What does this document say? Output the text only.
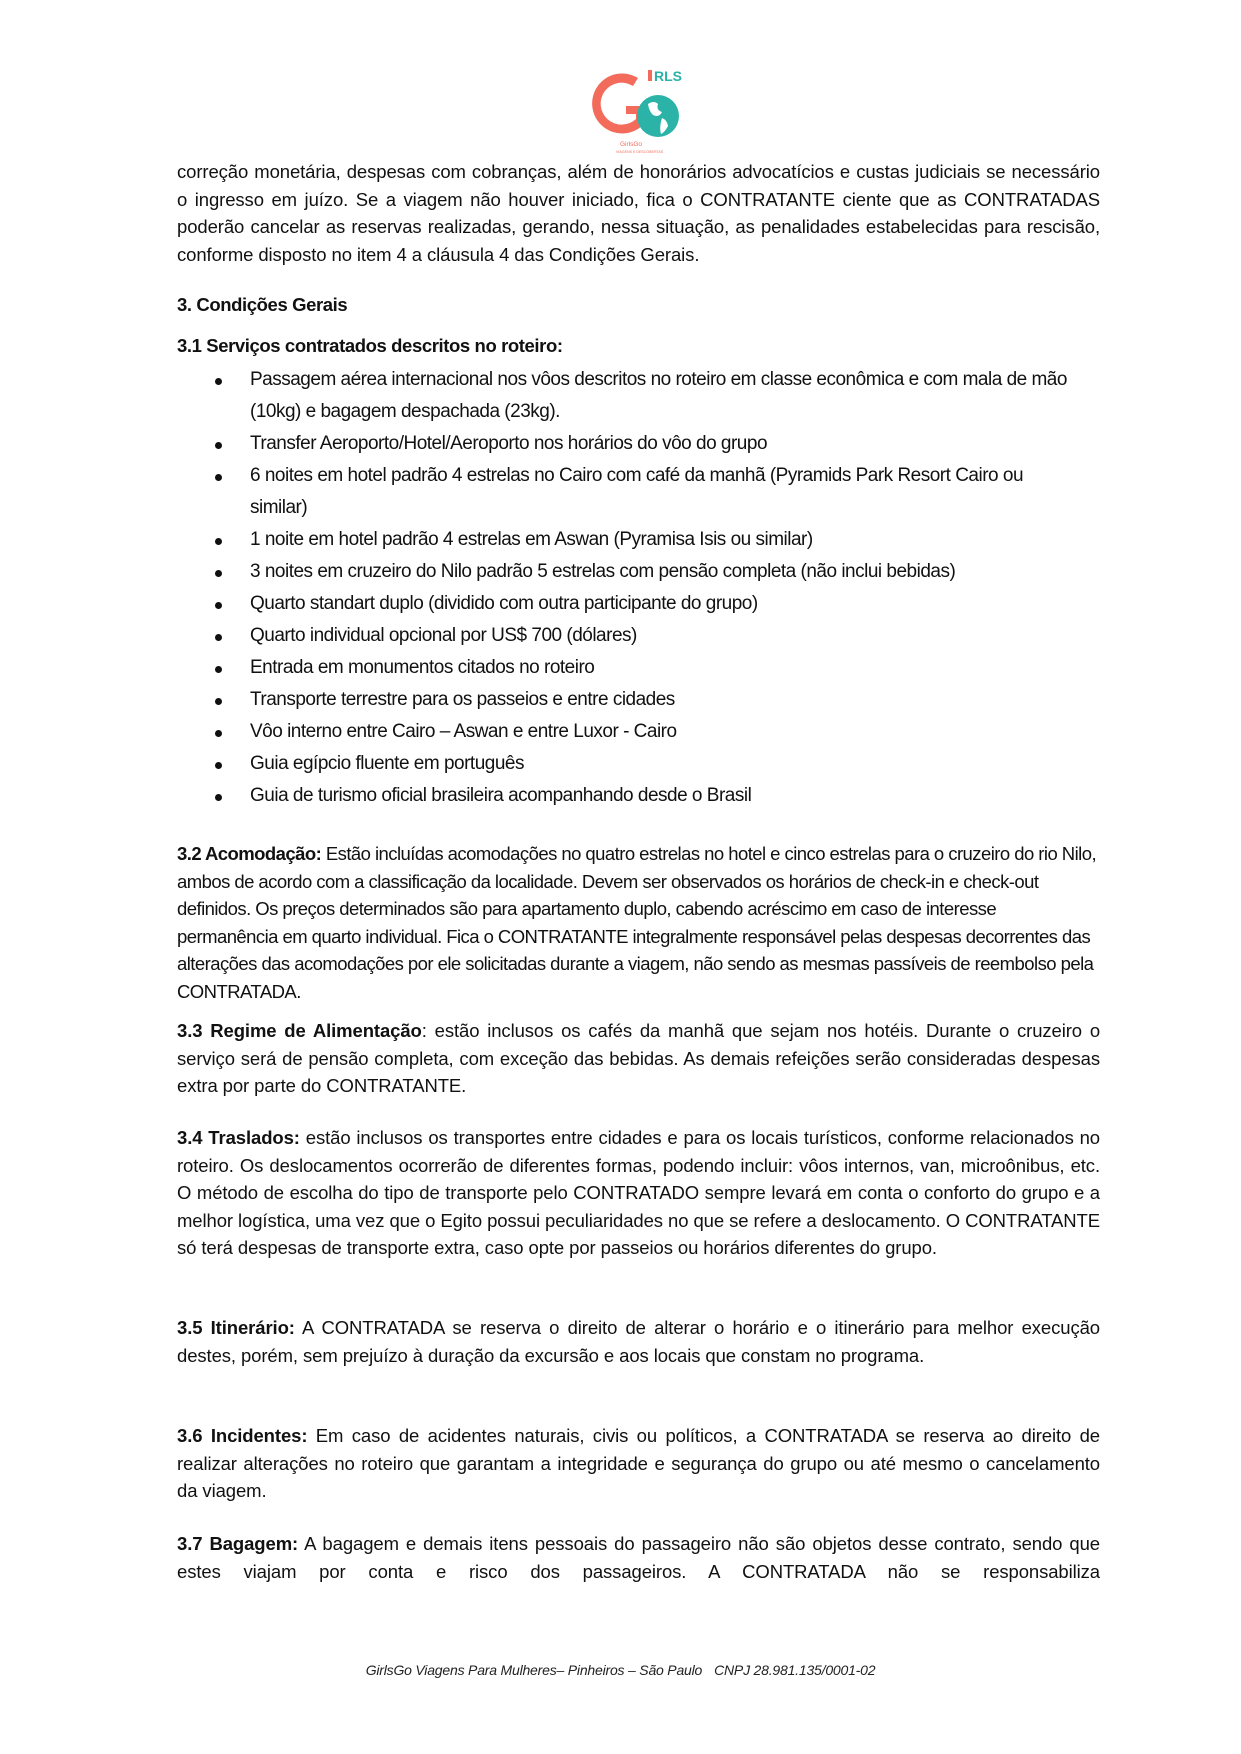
RLS
GirlsGo
VIAGENS E DESCOBERTAS

correção monetária, despesas com cobranças, além de honorários advocatícios e custas judiciais se necessário o ingresso em juízo. Se a viagem não houver iniciado, fica o CONTRATANTE ciente que as CONTRATADAS poderão cancelar as reservas realizadas, gerando, nessa situação, as penalidades estabelecidas para rescisão, conforme disposto no item 4 a cláusula 4 das Condições Gerais.

3. Condições Gerais

3.1 Serviços contratados descritos no roteiro:

Passagem aérea internacional nos vôos descritos no roteiro em classe econômica e com mala de mão (10kg) e bagagem despachada (23kg).
Transfer Aeroporto/Hotel/Aeroporto nos horários do vôo do grupo
6 noites em hotel padrão 4 estrelas no Cairo com café da manhã (Pyramids Park Resort Cairo ou similar)
1 noite em hotel padrão 4 estrelas em Aswan (Pyramisa Isis ou similar)
3 noites em cruzeiro do Nilo padrão 5 estrelas com pensão completa (não inclui bebidas)
Quarto standart duplo (dividido com outra participante do grupo)
Quarto individual opcional por US$ 700 (dólares)
Entrada em monumentos citados no roteiro
Transporte terrestre para os passeios e entre cidades
Vôo interno entre Cairo – Aswan e entre Luxor - Cairo
Guia egípcio fluente em português
Guia de turismo oficial brasileira acompanhando desde o Brasil

3.2 Acomodação: Estão incluídas acomodações no quatro estrelas no hotel e cinco estrelas para o cruzeiro do rio Nilo, ambos de acordo com a classificação da localidade. Devem ser observados os horários de check-in e check-out definidos. Os preços determinados são para apartamento duplo, cabendo acréscimo em caso de interesse permanência em quarto individual. Fica o CONTRATANTE integralmente responsável pelas despesas decorrentes das alterações das acomodações por ele solicitadas durante a viagem, não sendo as mesmas passíveis de reembolso pela CONTRATADA.

3.3 Regime de Alimentação: estão inclusos os cafés da manhã que sejam nos hotéis. Durante o cruzeiro o serviço será de pensão completa, com exceção das bebidas. As demais refeições serão consideradas despesas extra por parte do CONTRATANTE.

3.4 Traslados: estão inclusos os transportes entre cidades e para os locais turísticos, conforme relacionados no roteiro. Os deslocamentos ocorrerão de diferentes formas, podendo incluir: vôos internos, van, microônibus, etc. O método de escolha do tipo de transporte pelo CONTRATADO sempre levará em conta o conforto do grupo e a melhor logística, uma vez que o Egito possui peculiaridades no que se refere a deslocamento. O CONTRATANTE só terá despesas de transporte extra, caso opte por passeios ou horários diferentes do grupo.

3.5 Itinerário: A CONTRATADA se reserva o direito de alterar o horário e o itinerário para melhor execução destes, porém, sem prejuízo à duração da excursão e aos locais que constam no programa.

3.6 Incidentes: Em caso de acidentes naturais, civis ou políticos, a CONTRATADA se reserva ao direito de realizar alterações no roteiro que garantam a integridade e segurança do grupo ou até mesmo o cancelamento da viagem.

3.7 Bagagem: A bagagem e demais itens pessoais do passageiro não são objetos desse contrato, sendo que estes viajam por conta e risco dos passageiros. A CONTRATADA não se responsabiliza

GirlsGo Viagens Para Mulheres– Pinheiros – São Paulo CNPJ 28.981.135/0001-02
